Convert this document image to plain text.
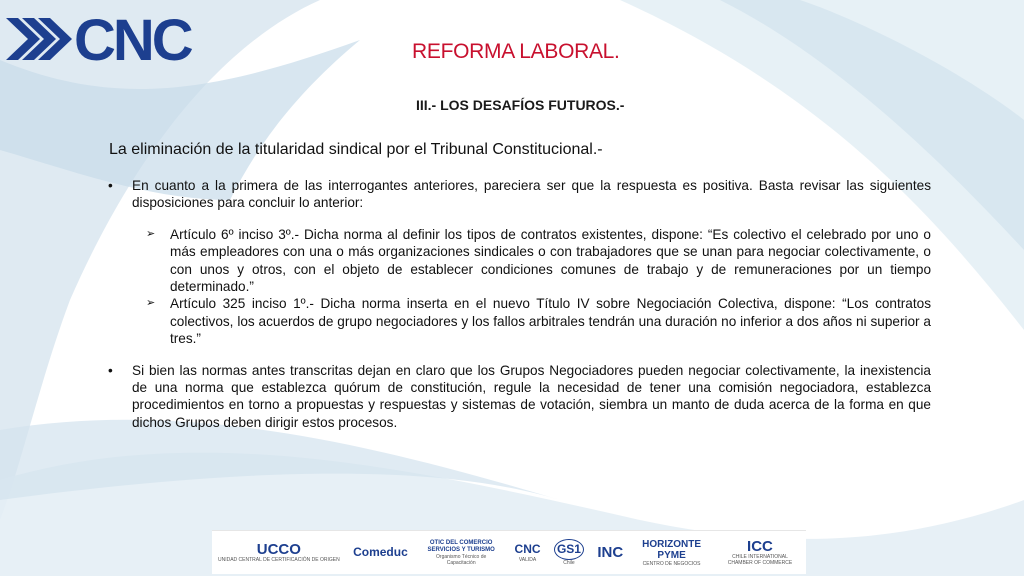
CNC	REFORMA LABORAL.
III.- LOS DESAFÍOS FUTUROS.-
La eliminación de la titularidad sindical por el Tribunal Constitucional.-
• En cuanto a la primera de las interrogantes anteriores, pareciera ser que la respuesta es positiva. Basta revisar las siguientes disposiciones para concluir lo anterior:
➢ Artículo 6º inciso 3º.- Dicha norma al definir los tipos de contratos existentes, dispone: “Es colectivo el celebrado por uno o más empleadores con una o más organizaciones sindicales o con trabajadores que se unan para negociar colectivamente, o con unos y otros, con el objeto de establecer condiciones comunes de trabajo y de remuneraciones por un tiempo determinado.”
➢ Artículo 325 inciso 1º.- Dicha norma inserta en el nuevo Título IV sobre Negociación Colectiva, dispone: “Los contratos colectivos, los acuerdos de grupo negociadores y los fallos arbitrales tendrán una duración no inferior a dos años ni superior a tres.”
• Si bien las normas antes transcritas dejan en claro que los Grupos Negociadores pueden negociar colectivamente, la inexistencia de una norma que establezca quórum de constitución, regule la necesidad de tener una comisión negociadora, establezca procedimientos en torno a propuestas y respuestas y sistemas de votación, siembra un manto de duda acerca de la forma en que dichos Grupos deben dirigir estos procesos.
UCCO
UNIDAD CENTRAL DE CERTIFICACIÓN DE ORIGEN
Comeduc
OTIC DEL COMERCIO SERVICIOS Y TURISMO
Organismo Técnico de Capacitación
CNC
VALIDA
GS1
Chile
INC	HORIZONTE PYME
CENTRO DE NEGOCIOS
ICC
CHILE INTERNATIONAL CHAMBER OF COMMERCE
